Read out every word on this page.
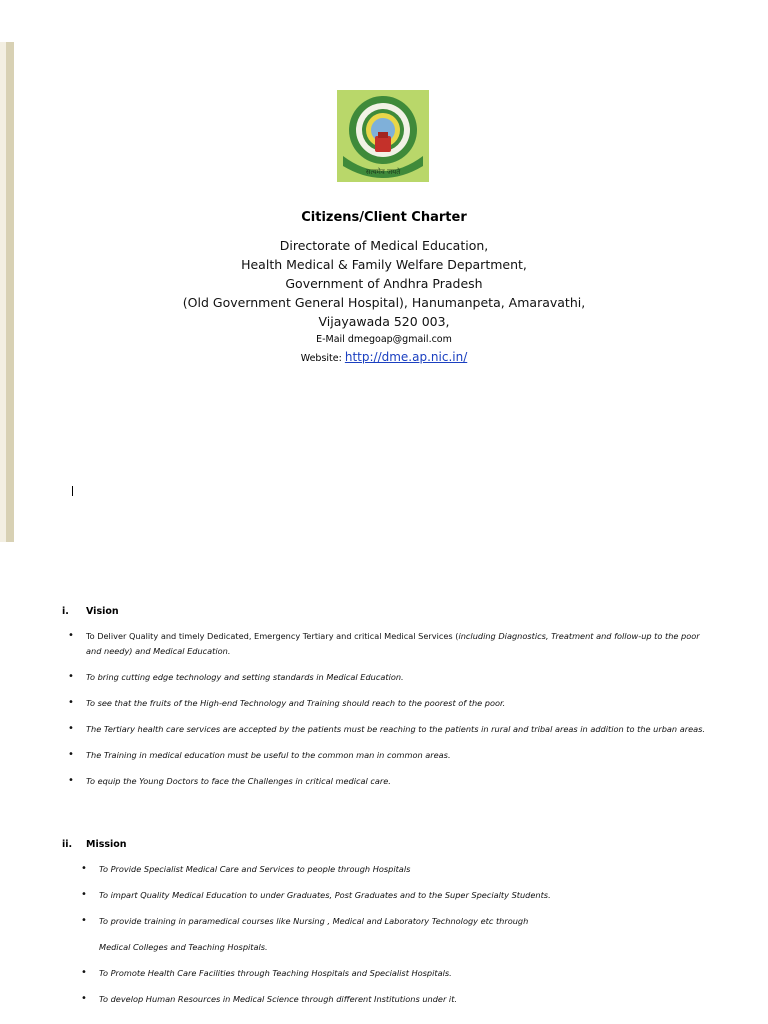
सत्यमेव जयते
Citizens/Client Charter
Directorate of Medical Education,
Health Medical & Family Welfare Department,
Government of Andhra Pradesh
(Old Government General Hospital), Hanumanpeta, Amaravathi,
Vijayawada 520 003,
E-Mail dmegoap@gmail.com
Website: http://dme.ap.nic.in/
i. Vision
• To Deliver Quality and timely Dedicated, Emergency Tertiary and critical Medical Services (including Diagnostics, Treatment and follow-up to the poor and needy) and Medical Education.
• To bring cutting edge technology and setting standards in Medical Education.
• To see that the fruits of the High-end Technology and Training should reach to the poorest of the poor.
• The Tertiary health care services are accepted by the patients must be reaching to the patients in rural and tribal areas in addition to the urban areas.
• The Training in medical education must be useful to the common man in common areas.
• To equip the Young Doctors to face the Challenges in critical medical care.
ii. Mission
• To Provide Specialist Medical Care and Services to people through Hospitals
• To impart Quality Medical Education to under Graduates, Post Graduates and to the Super Specialty Students.
• To provide training in paramedical courses like Nursing , Medical and Laboratory Technology etc through
Medical Colleges and Teaching Hospitals.
• To Promote Health Care Facilities through Teaching Hospitals and Specialist Hospitals.
• To develop Human Resources in Medical Science through different Institutions under it.
